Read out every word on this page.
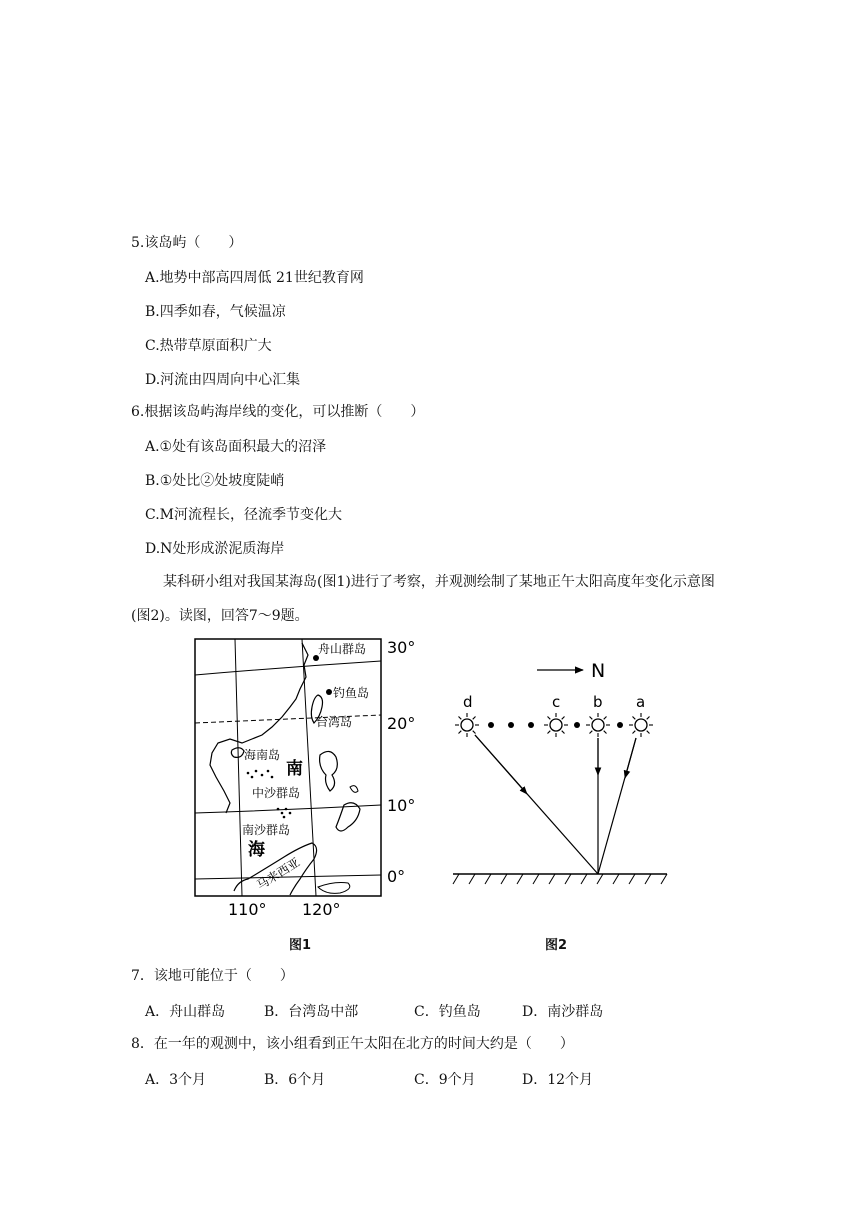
5.该岛屿（　　）
A.地势中部高四周低 21世纪教育网
B.四季如春，气候温凉
C.热带草原面积广大
D.河流由四周向中心汇集
6.根据该岛屿海岸线的变化，可以推断（　　）
A.①处有该岛面积最大的沼泽
B.①处比②处坡度陡峭
C.M河流程长，径流季节变化大
D.N处形成淤泥质海岸
某科研小组对我国某海岛(图1)进行了考察，并观测绘制了某地正午太阳高度年变化示意图(图2)。读图，回答7～9题。
舟山群岛
钓鱼岛
台湾岛
海南岛
南
中沙群岛
南沙群岛
海
马来西亚
30°
20°
10°
0°
110° 120°
图1
N
d	c b a
图2
7．该地可能位于（　　）
A．舟山群岛	B．台湾岛中部	C．钓鱼岛	D．南沙群岛
8．在一年的观测中，该小组看到正午太阳在北方的时间大约是（　　）
A．3个月	B．6个月	C．9个月	D．12个月
